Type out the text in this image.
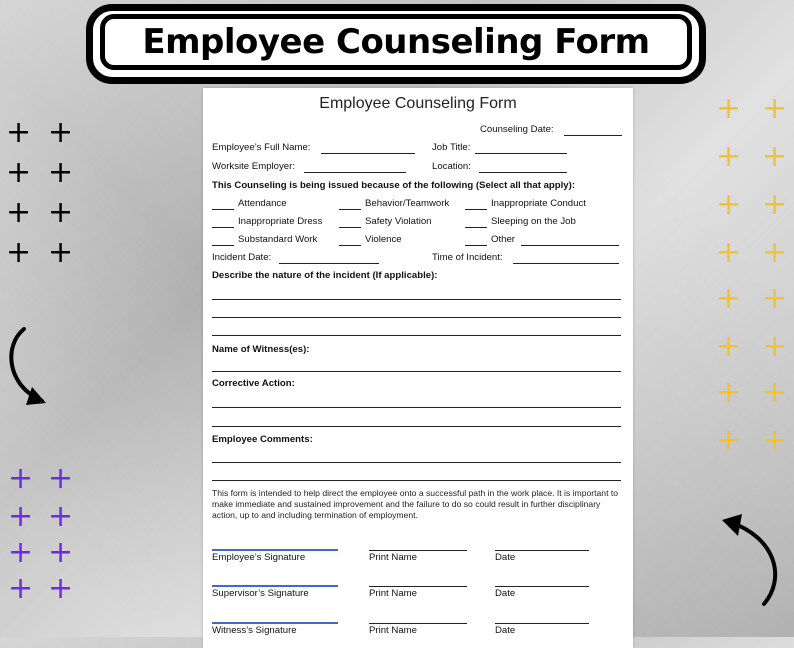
Employee Counseling Form
+ +
+ +
+ +
+ +
+ +
+ +
+ +
+ +
+ +
+ +
+ +
+ +
+ +
+ +
+ +
+ +
Employee Counseling Form
Counseling Date:
Employee’s Full Name:	Job Title:
Worksite Employer:	Location:
This Counseling is being issued because of the following (Select all that apply):
Attendance	Behavior/Teamwork	Inappropriate Conduct
Inappropriate Dress	Safety Violation	Sleeping on the Job
Substandard Work	Violence	Other
Incident Date:	Time of Incident:
Describe the nature of the incident (If applicable):
Name of Witness(es):
Corrective Action:
Employee Comments:
This form is intended to help direct the employee onto a successful path in the work place. It is important to make immediate and sustained improvement and the failure to do so could result in further disciplinary action, up to and including termination of employment.
Employee’s Signature	Print Name	Date
Supervisor’s Signature	Print Name	Date
Witness’s Signature	Print Name	Date
